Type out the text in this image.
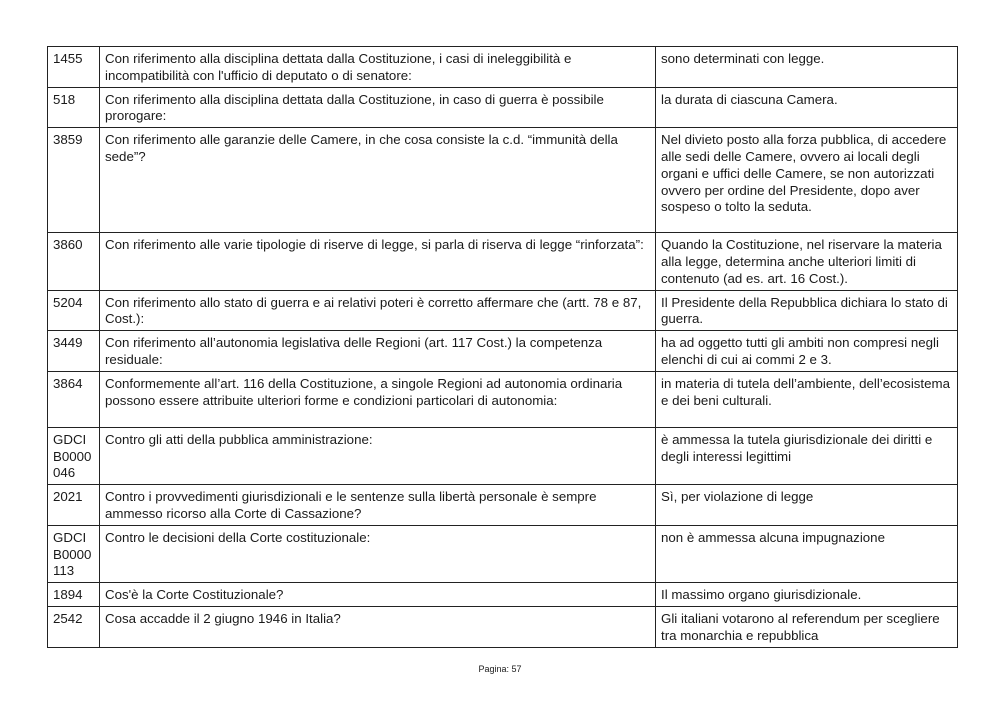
1455	Con riferimento alla disciplina dettata dalla Costituzione, i casi di ineleggibilità e incompatibilità con l'ufficio di deputato o di senatore:	sono determinati con legge.
518	Con riferimento alla disciplina dettata dalla Costituzione, in caso di guerra è possibile prorogare:	la durata di ciascuna Camera.
3859	Con riferimento alle garanzie delle Camere, in che cosa consiste la c.d. “immunità della sede”?	Nel divieto posto alla forza pubblica, di accedere alle sedi delle Camere, ovvero ai locali degli organi e uffici delle Camere, se non autorizzati ovvero per ordine del Presidente, dopo aver sospeso o tolto la seduta.
3860	Con riferimento alle varie tipologie di riserve di legge, si parla di riserva di legge “rinforzata”:	Quando la Costituzione, nel riservare la materia alla legge, determina anche ulteriori limiti di contenuto (ad es. art. 16 Cost.).
5204	Con riferimento allo stato di guerra e ai relativi poteri è corretto affermare che (artt. 78 e 87, Cost.):	Il Presidente della Repubblica dichiara lo stato di guerra.
3449	Con riferimento all’autonomia legislativa delle Regioni (art. 117 Cost.) la competenza residuale:	ha ad oggetto tutti gli ambiti non compresi negli elenchi di cui ai commi 2 e 3.
3864	Conformemente all’art. 116 della Costituzione, a singole Regioni ad autonomia ordinaria possono essere attribuite ulteriori forme e condizioni particolari di autonomia:	in materia di tutela dell’ambiente, dell’ecosistema e dei beni culturali.
GDCIB0000046	Contro gli atti della pubblica amministrazione:	è ammessa la tutela giurisdizionale dei diritti e degli interessi legittimi
2021	Contro i provvedimenti giurisdizionali e le sentenze sulla libertà personale è sempre ammesso ricorso alla Corte di Cassazione?	Sì, per violazione di legge
GDCIB0000113	Contro le decisioni della Corte costituzionale:	non è ammessa alcuna impugnazione
1894	Cos'è la Corte Costituzionale?	Il massimo organo giurisdizionale.
2542	Cosa accadde il 2 giugno 1946 in Italia?	Gli italiani votarono al referendum per scegliere tra monarchia e repubblica
Pagina: 57
